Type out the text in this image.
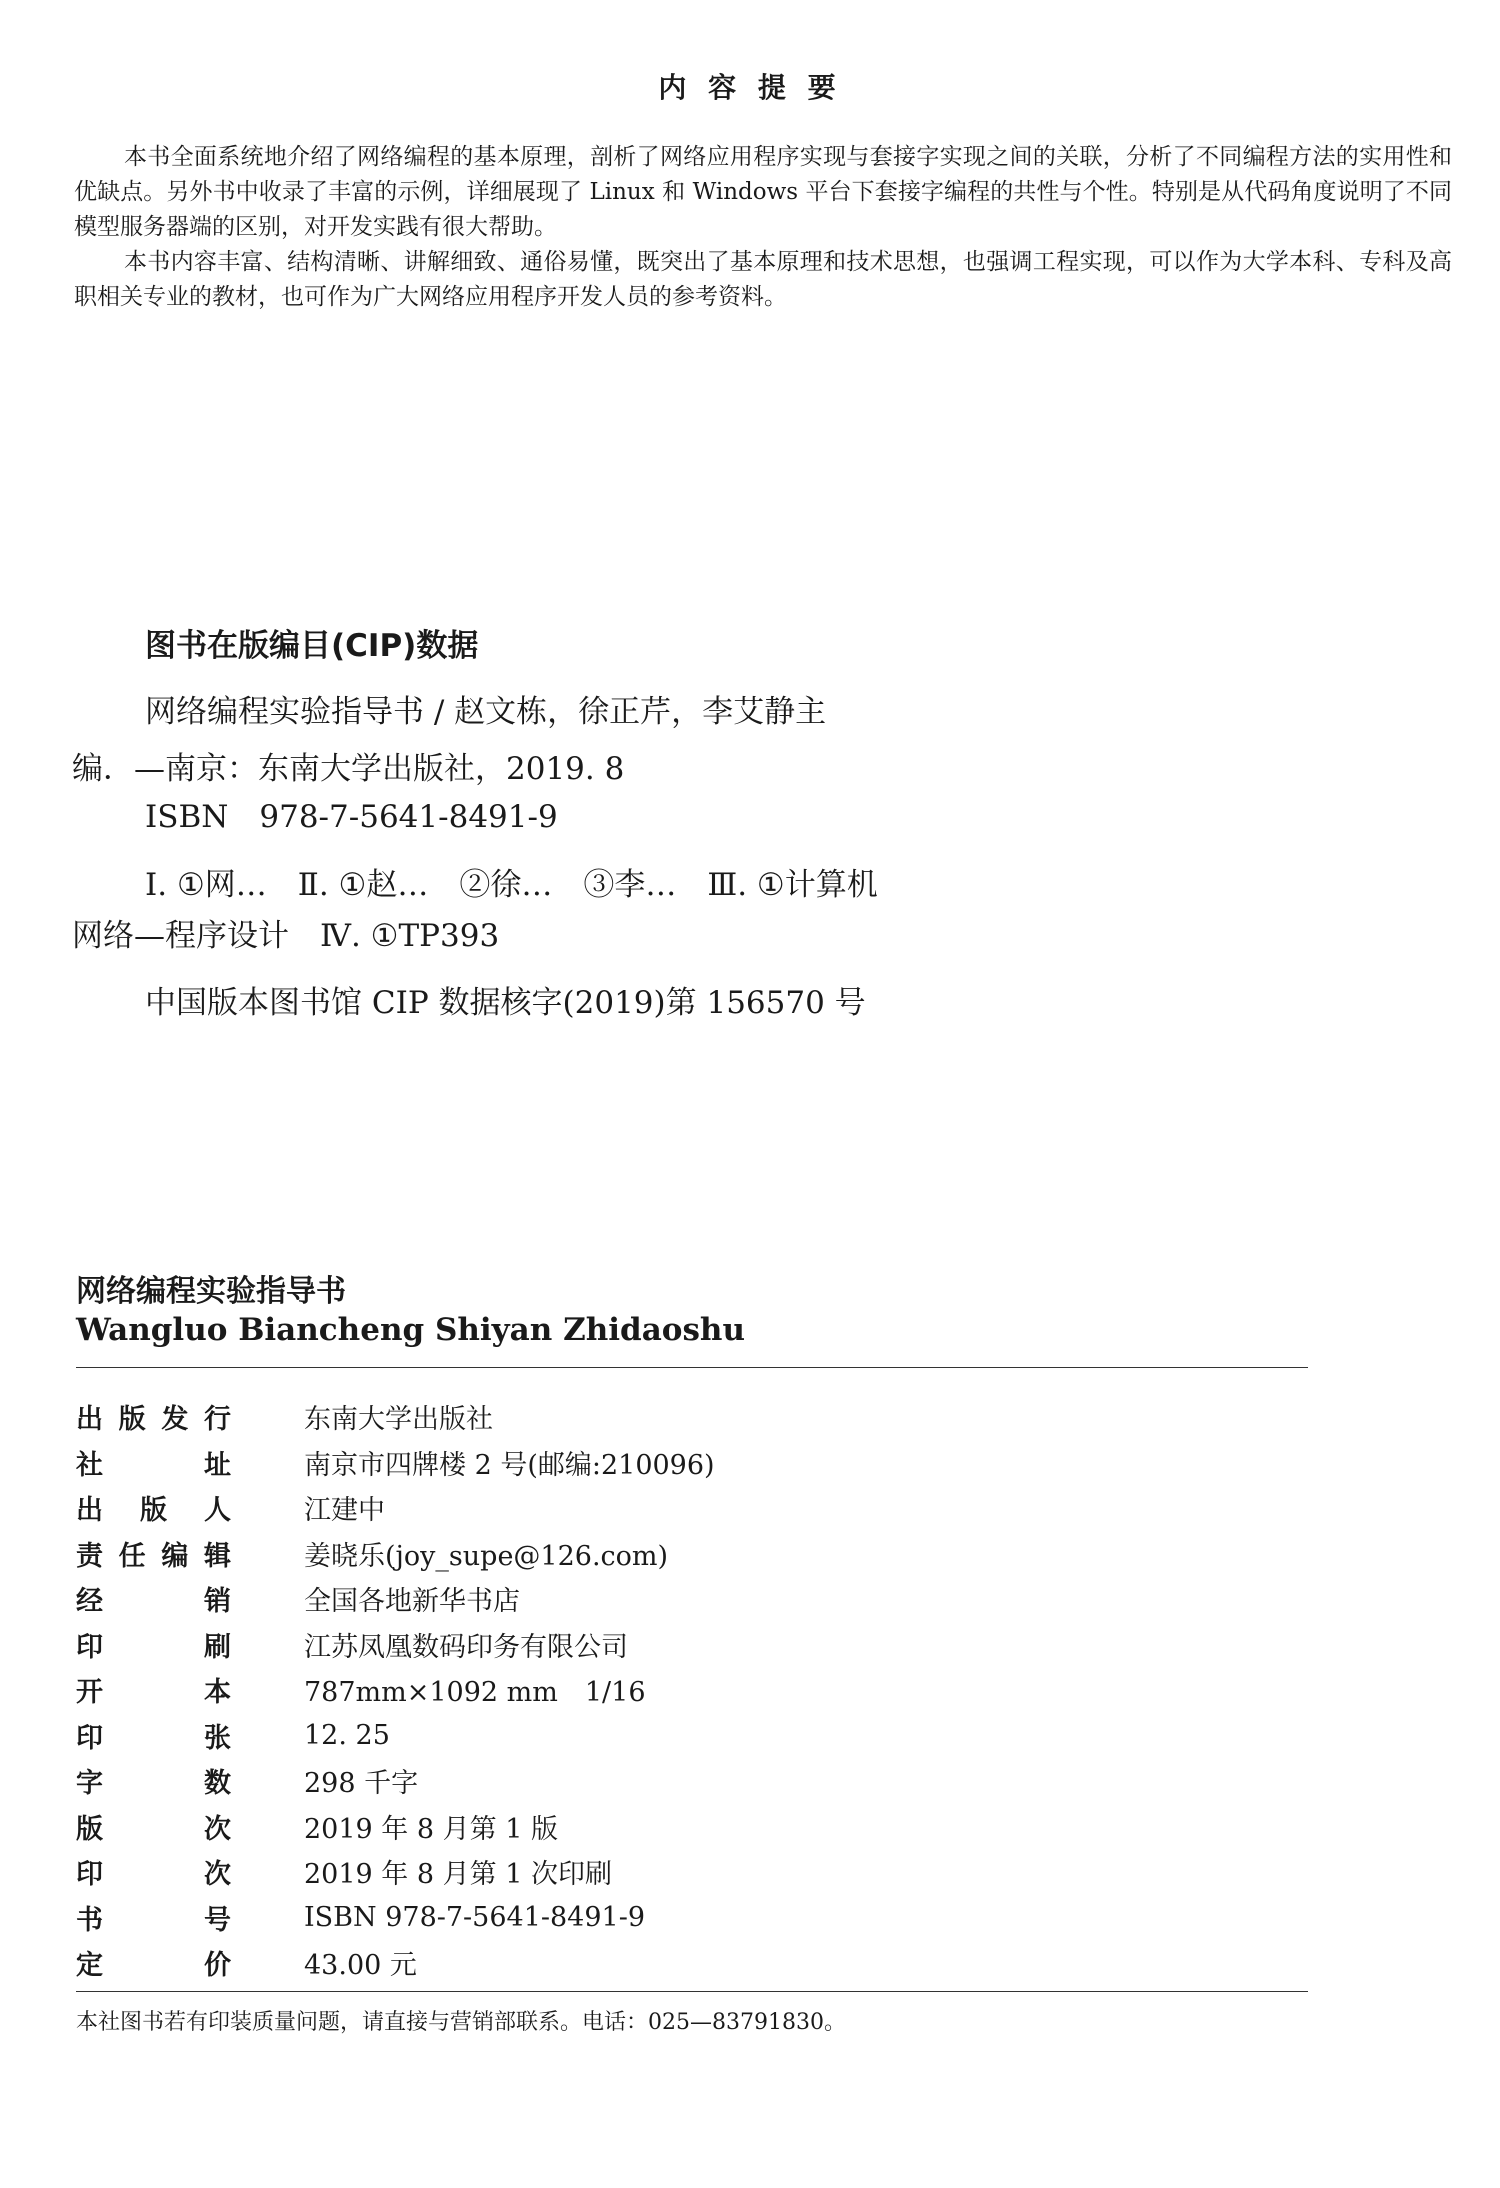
内 容 提 要

本书全面系统地介绍了网络编程的基本原理，剖析了网络应用程序实现与套接字实现之间的关联，分析了不同编程方法的实用性和优缺点。另外书中收录了丰富的示例，详细展现了 Linux 和 Windows 平台下套接字编程的共性与个性。特别是从代码角度说明了不同模型服务器端的区别，对开发实践有很大帮助。

本书内容丰富、结构清晰、讲解细致、通俗易懂，既突出了基本原理和技术思想，也强调工程实现，可以作为大学本科、专科及高职相关专业的教材，也可作为广大网络应用程序开发人员的参考资料。

图书在版编目(CIP)数据
网络编程实验指导书 / 赵文栋，徐正芹，李艾静主
编．—南京：东南大学出版社，2019. 8
ISBN　978-7-5641-8491-9
Ⅰ. ①网…　Ⅱ. ①赵…　②徐…　③李…　Ⅲ. ①计算机
网络—程序设计　Ⅳ. ①TP393
中国版本图书馆 CIP 数据核字(2019)第 156570 号
网络编程实验指导书
Wangluo Biancheng Shiyan Zhidaoshu
出 版 发 行	东南大学出版社
社	址	南京市四牌楼 2 号(邮编:210096)
出 版 人	江建中
责 任 编 辑	姜晓乐(joy_supe@126.com)
经	销	全国各地新华书店
印	刷	江苏凤凰数码印务有限公司
开	本	787mm×1092 mm　1/16
印	张	12. 25
字	数	298 千字
版	次	2019 年 8 月第 1 版
印	次	2019 年 8 月第 1 次印刷
书	号	ISBN 978-7-5641-8491-9
定	价	43.00 元
本社图书若有印装质量问题，请直接与营销部联系。电话：025—83791830。
